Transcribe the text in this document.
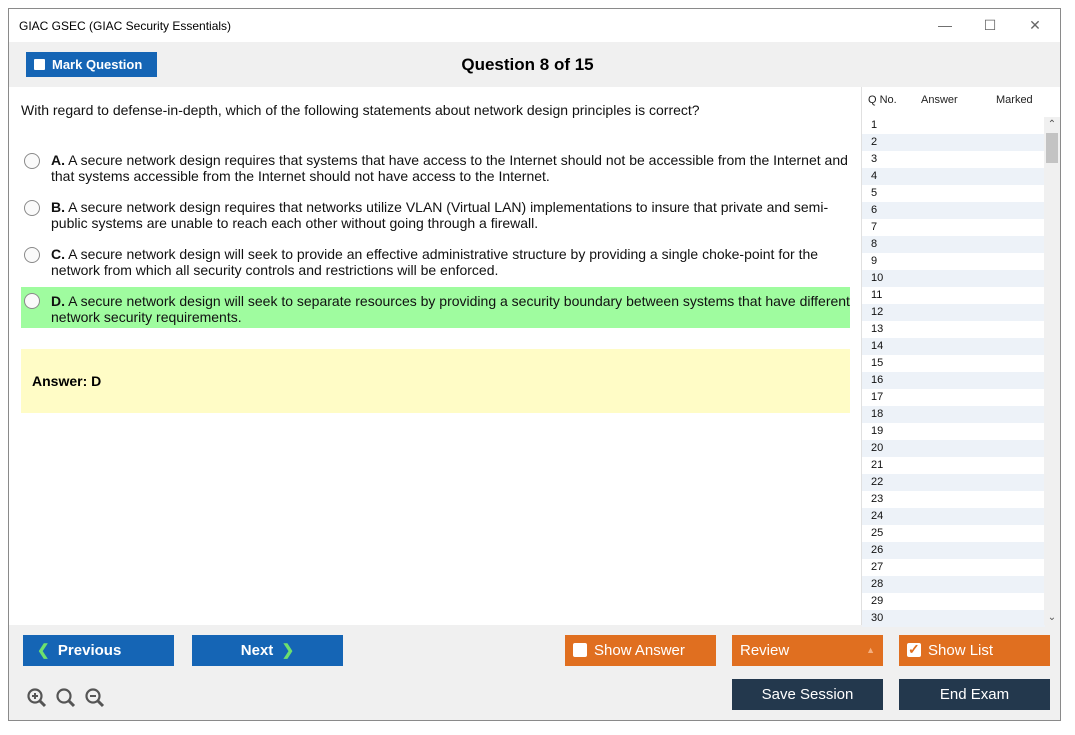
GIAC GSEC (GIAC Security Essentials)	—	☐	✕
Mark Question	Question 8 of 15
With regard to defense-in-depth, which of the following statements about network design principles is correct?
A. A secure network design requires that systems that have access to the Internet should not be accessible from the Internet and that systems accessible from the Internet should not have access to the Internet.
B. A secure network design requires that networks utilize VLAN (Virtual LAN) implementations to insure that private and semi-public systems are unable to reach each other without going through a firewall.
C. A secure network design will seek to provide an effective administrative structure by providing a single choke-point for the network from which all security controls and restrictions will be enforced.
D. A secure network design will seek to separate resources by providing a security boundary between systems that have different network security requirements.
Answer: D
Q No. Answer	Marked
1
2
3
4
5
6
7
8
9
10
11
12
13
14
15
16
17
18
19
20
21
22
23
24
25
26
27
28
29
30
⌃
⌄
❮ Previous	Next ❯	Show Answer	Review	▲
✓	Show List
Save Session	End Exam
